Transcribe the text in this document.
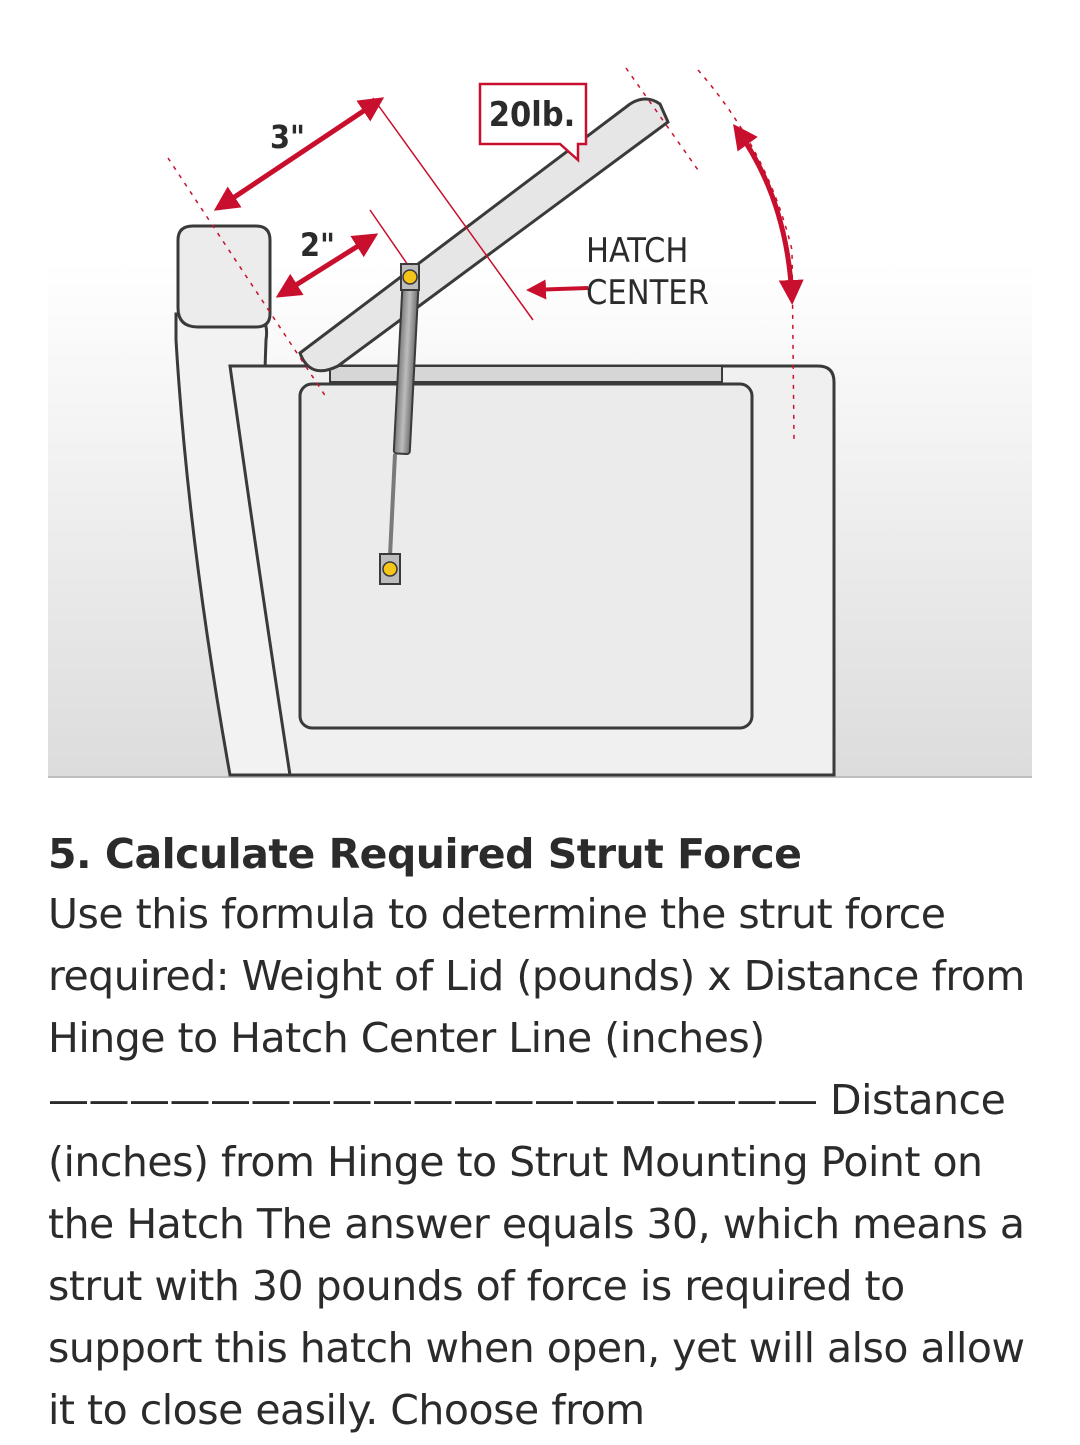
20lb.
3"
2"	HATCH
CENTER
5. Calculate Required Strut Force

Use this formula to determine the strut force required: Weight of Lid (pounds) x Distance from Hinge to Hatch Center Line (inches) ——————————————————— Distance (inches) from Hinge to Strut Mounting Point on the Hatch The answer equals 30, which means a strut with 30 pounds of force is required to support this hatch when open, yet will also allow it to close easily. Choose from
